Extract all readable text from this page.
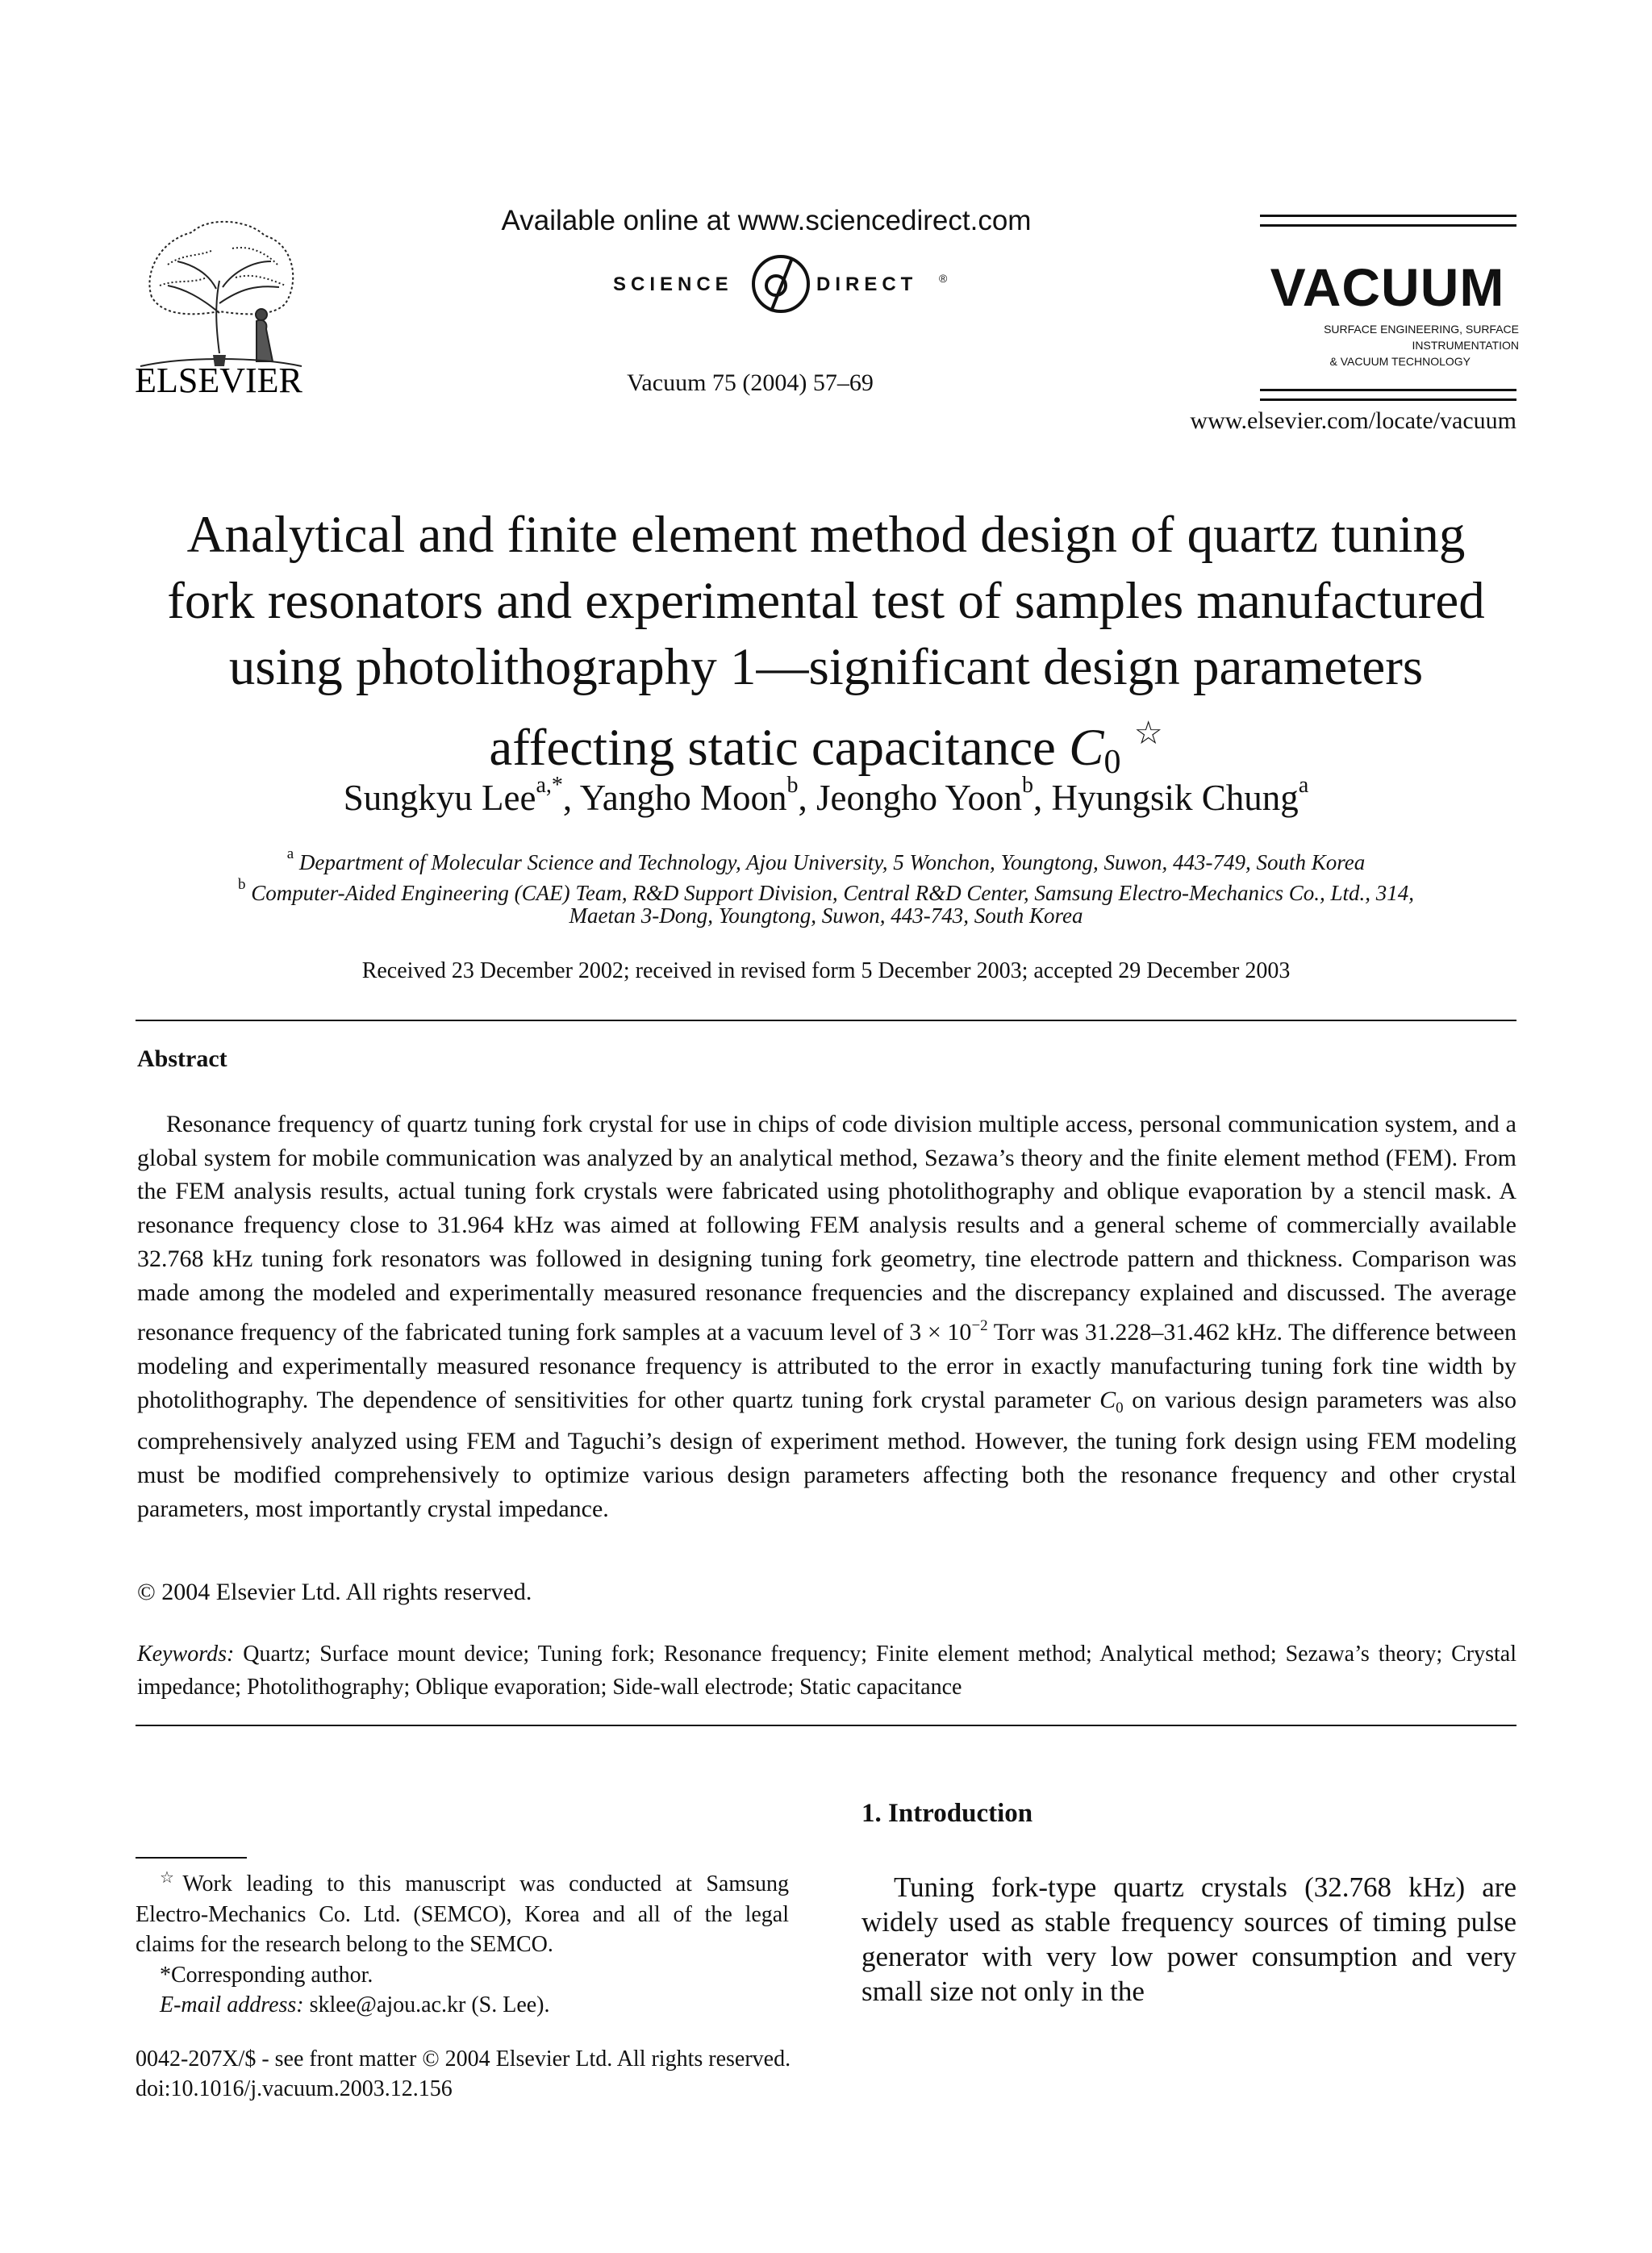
ELSEVIER
Available online at www.sciencedirect.com
SCIENCE	DIRECT ®
Vacuum 75 (2004) 57–69
VACUUM
SURFACE ENGINEERING, SURFACE INSTRUMENTATION
& VACUUM TECHNOLOGY
www.elsevier.com/locate/vacuum
Analytical and finite element method design of quartz tuning
fork resonators and experimental test of samples manufactured
using photolithography 1—significant design parameters
affecting static capacitance $C_0$ ☆
Sungkyu Lee$^{a,*}$, Yangho Moon$^b$, Jeongho Yoon$^b$, Hyungsik Chung$^a$
$^a$ Department of Molecular Science and Technology, Ajou University, 5 Wonchon, Youngtong, Suwon, 443-749, South Korea
$^b$ Computer-Aided Engineering (CAE) Team, R&D Support Division, Central R&D Center, Samsung Electro-Mechanics Co., Ltd., 314,
Maetan 3-Dong, Youngtong, Suwon, 443-743, South Korea
Received 23 December 2002; received in revised form 5 December 2003; accepted 29 December 2003
Abstract

Resonance frequency of quartz tuning fork crystal for use in chips of code division multiple access, personal communication system, and a global system for mobile communication was analyzed by an analytical method, Sezawa’s theory and the finite element method (FEM). From the FEM analysis results, actual tuning fork crystals were fabricated using photolithography and oblique evaporation by a stencil mask. A resonance frequency close to 31.964 kHz was aimed at following FEM analysis results and a general scheme of commercially available 32.768 kHz tuning fork resonators was followed in designing tuning fork geometry, tine electrode pattern and thickness. Comparison was made among the modeled and experimentally measured resonance frequencies and the discrepancy explained and discussed. The average resonance frequency of the fabricated tuning fork samples at a vacuum level of $3 \times 10^{-2}$ Torr was 31.228–31.462 kHz. The difference between modeling and experimentally measured resonance frequency is attributed to the error in exactly manufacturing tuning fork tine width by photolithography. The dependence of sensitivities for other quartz tuning fork crystal parameter $C_0$ on various design parameters was also comprehensively analyzed using FEM and Taguchi’s design of experiment method. However, the tuning fork design using FEM modeling must be modified comprehensively to optimize various design parameters affecting both the resonance frequency and other crystal parameters, most importantly crystal impedance.

© 2004 Elsevier Ltd. All rights reserved.

Keywords: Quartz; Surface mount device; Tuning fork; Resonance frequency; Finite element method; Analytical method; Sezawa’s theory; Crystal impedance; Photolithography; Oblique evaporation; Side-wall electrode; Static capacitance

1. Introduction

Tuning fork-type quartz crystals (32.768 kHz) are widely used as stable frequency sources of timing pulse generator with very low power consumption and very small size not only in the

☆Work leading to this manuscript was conducted at Samsung Electro-Mechanics Co. Ltd. (SEMCO), Korea and all of the legal claims for the research belong to the SEMCO.

*Corresponding author.

E-mail address: sklee@ajou.ac.kr (S. Lee).

0042-207X/$ - see front matter © 2004 Elsevier Ltd. All rights reserved.
doi:10.1016/j.vacuum.2003.12.156
